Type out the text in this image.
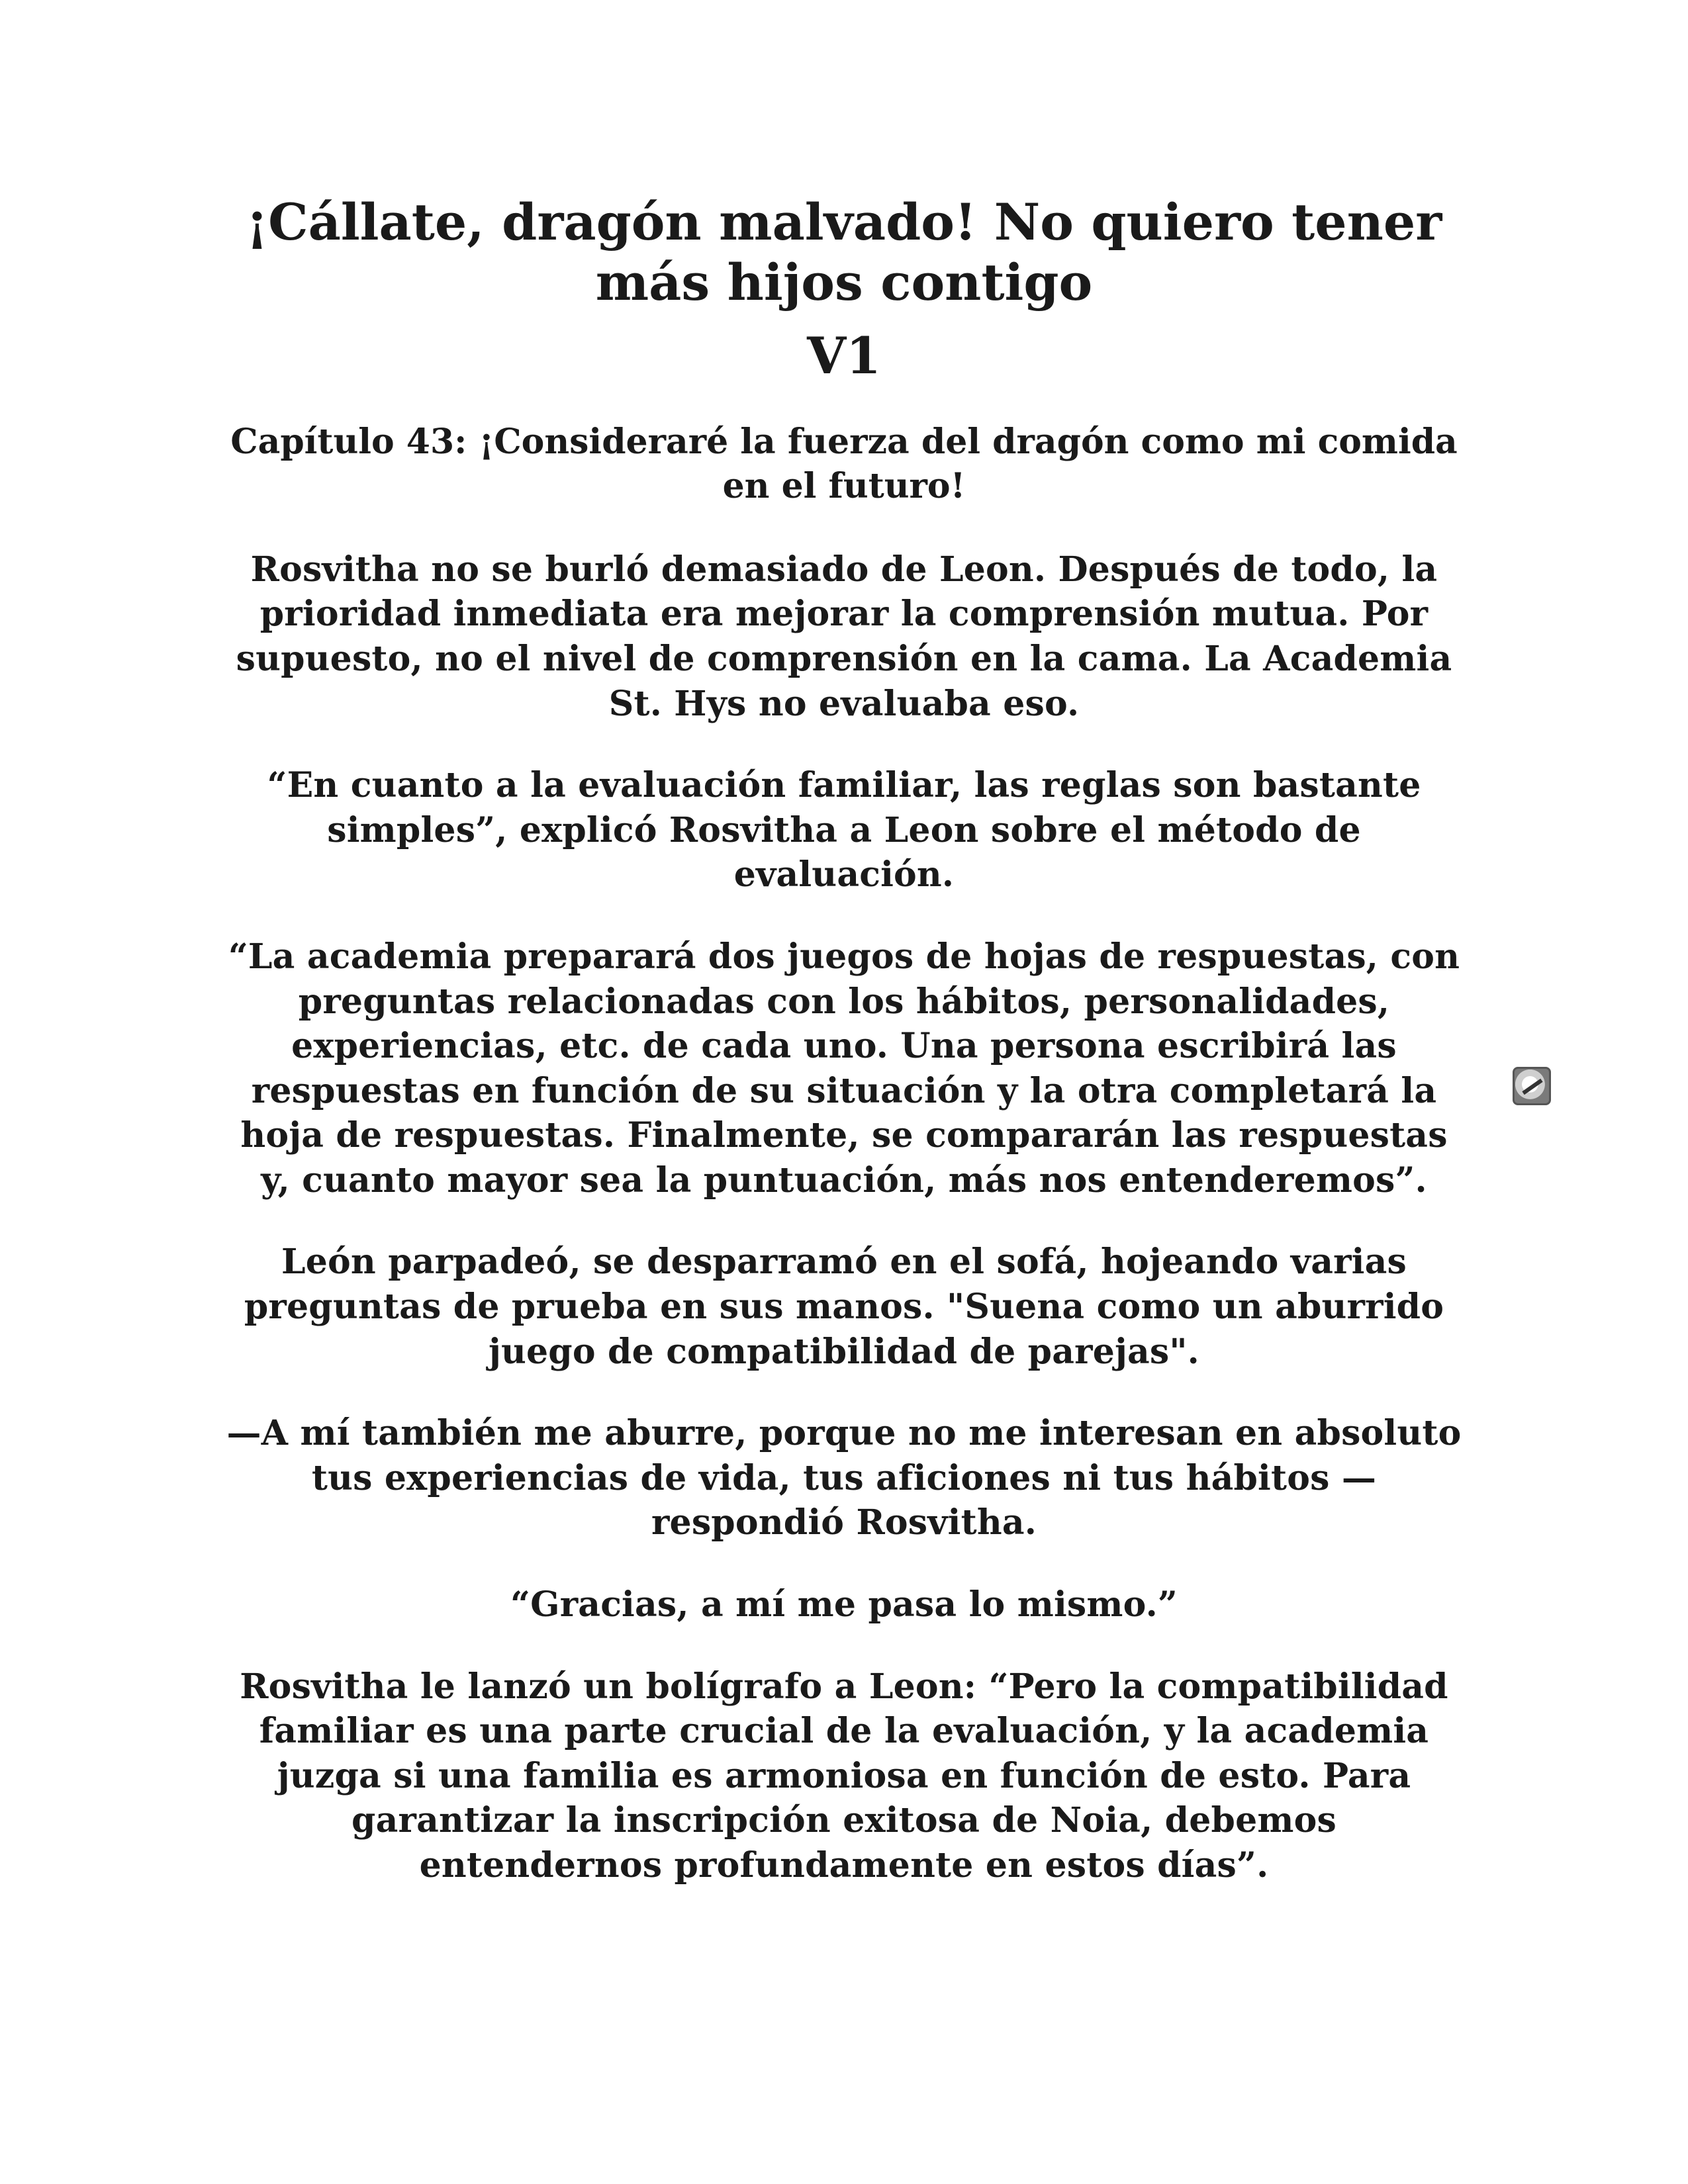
¡Cállate, dragón malvado! No quiero tener más hijos contigo
V1
Capítulo 43: ¡Consideraré la fuerza del dragón como mi comida en el futuro!

Rosvitha no se burló demasiado de Leon. Después de todo, la prioridad inmediata era mejorar la comprensión mutua. Por supuesto, no el nivel de comprensión en la cama. La Academia St. Hys no evaluaba eso.

“En cuanto a la evaluación familiar, las reglas son bastante simples”, explicó Rosvitha a Leon sobre el método de evaluación.

“La academia preparará dos juegos de hojas de respuestas, con preguntas relacionadas con los hábitos, personalidades, experiencias, etc. de cada uno. Una persona escribirá las respuestas en función de su situación y la otra completará la hoja de respuestas. Finalmente, se compararán las respuestas y, cuanto mayor sea la puntuación, más nos entenderemos”.

León parpadeó, se desparramó en el sofá, hojeando varias preguntas de prueba en sus manos. "Suena como un aburrido juego de compatibilidad de parejas".

—A mí también me aburre, porque no me interesan en absoluto tus experiencias de vida, tus aficiones ni tus hábitos —respondió Rosvitha.

“Gracias, a mí me pasa lo mismo.”

Rosvitha le lanzó un bolígrafo a Leon: “Pero la compatibilidad familiar es una parte crucial de la evaluación, y la academia juzga si una familia es armoniosa en función de esto. Para garantizar la inscripción exitosa de Noia, debemos entendernos profundamente en estos días”.
